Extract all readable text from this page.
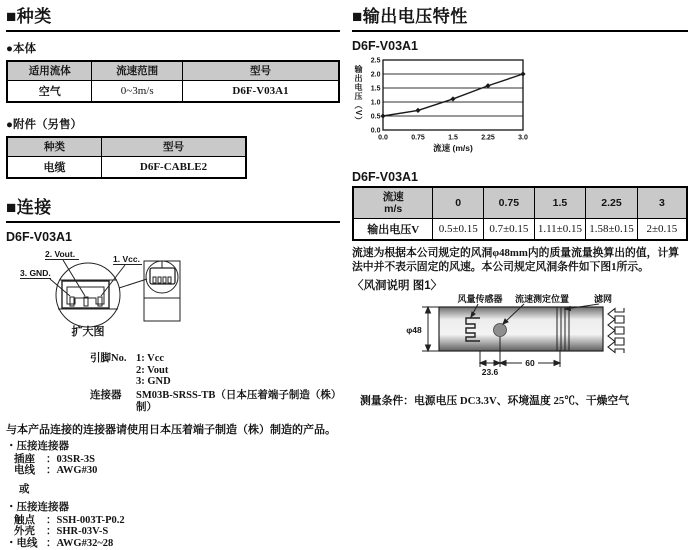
■种类
●本体
适用流体	流速范围	型号
空气	0~3m/s	D6F-V03A1
●附件（另售）
种类	型号
电缆	D6F-CABLE2
■连接
D6F-V03A1
2. Vout.	1. Vcc.
3. GND.
扩大图
引脚No. 1: Vcc
2: Vout
3: GND
连接器	SM03B-SRSS-TB（日本压着端子制造（株）制）
与本产品连接的连接器请使用日本压着端子制造（株）制造的产品。
・压接连接器
插座	：03SR-3S
电线	：AWG#30
或
・压接连接器
触点	：SSH-003T-P0.2
外壳	：SHR-03V-S
・电线 ：AWG#32~28
■输出电压特性
D6F-V03A1
输出电压（V）
0.0
0.5
1.0
1.5
2.0
2.5
0.0	0.75	1.5	2.25	3.0
流速 (m/s)
D6F-V03A1
流速
m/s	0	0.75	1.5	2.25	3
输出电压V	0.5±0.15	0.7±0.15	1.11±0.15	1.58±0.15	2±0.15

流速为根据本公司规定的风洞φ48mm内的质量流量换算出的值，计算法中并不表示固定的风速。本公司规定风洞条件如下图1所示。

〈风洞说明 图1〉
风量传感器 流速测定位置	滤网
φ48
60
23.6
测量条件：电源电压 DC3.3V、环境温度 25℃、干燥空气
